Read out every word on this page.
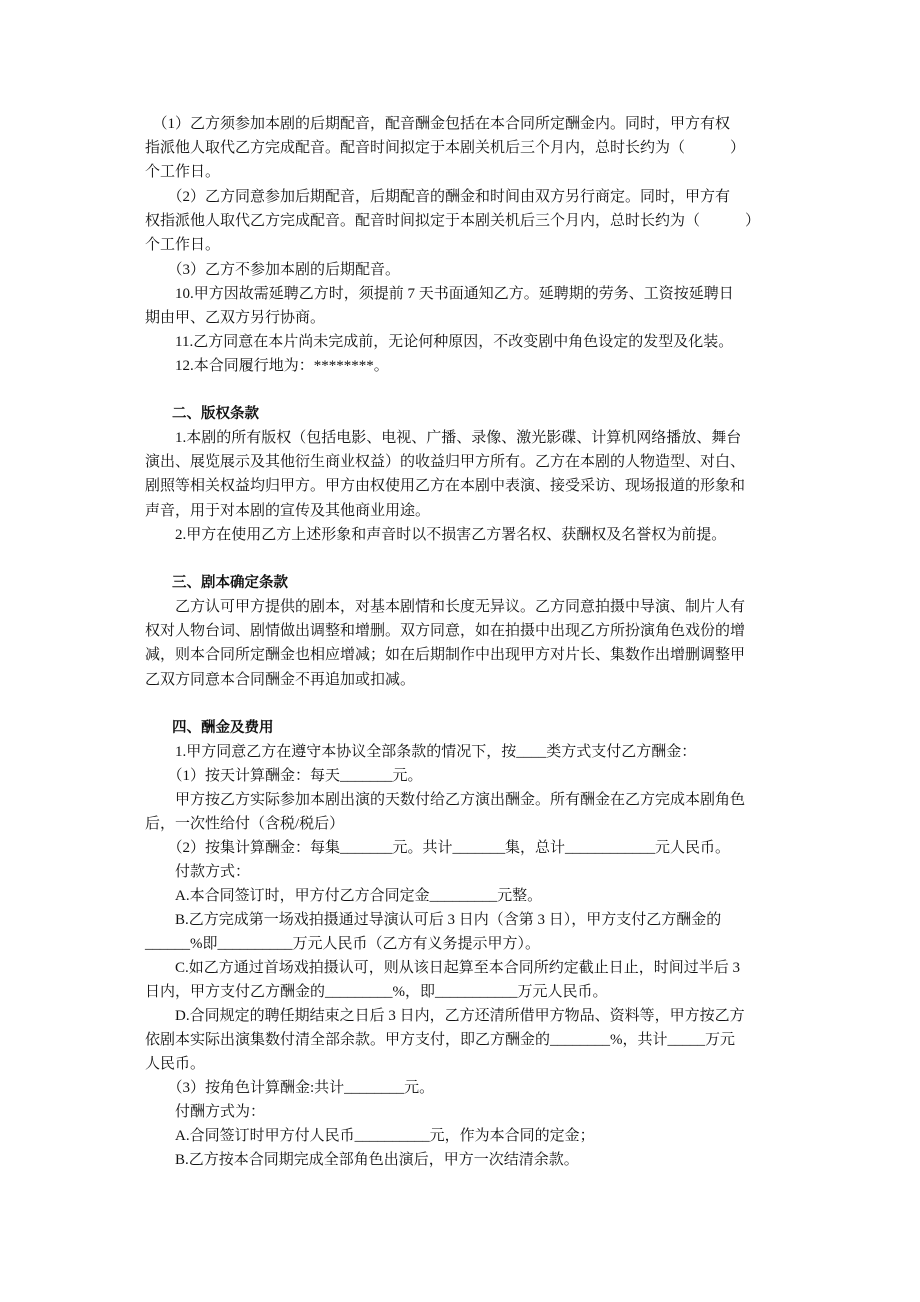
　（1）乙方须参加本剧的后期配音，配音酬金包括在本合同所定酬金内。同时，甲方有权
指派他人取代乙方完成配音。配音时间拟定于本剧关机后三个月内，总时长约为（　　　）
个工作日。

　　（2）乙方同意参加后期配音，后期配音的酬金和时间由双方另行商定。同时，甲方有
权指派他人取代乙方完成配音。配音时间拟定于本剧关机后三个月内，总时长约为（　　　）
个工作日。

　　（3）乙方不参加本剧的后期配音。

　　10.甲方因故需延聘乙方时，须提前 7 天书面通知乙方。延聘期的劳务、工资按延聘日
期由甲、乙双方另行协商。

　　11.乙方同意在本片尚未完成前，无论何种原因，不改变剧中角色设定的发型及化装。

　　12.本合同履行地为：********。

二、版权条款

　　1.本剧的所有版权（包括电影、电视、广播、录像、激光影碟、计算机网络播放、舞台
演出、展览展示及其他衍生商业权益）的收益归甲方所有。乙方在本剧的人物造型、对白、
剧照等相关权益均归甲方。甲方由权使用乙方在本剧中表演、接受采访、现场报道的形象和
声音，用于对本剧的宣传及其他商业用途。

　　2.甲方在使用乙方上述形象和声音时以不损害乙方署名权、获酬权及名誉权为前提。

三、剧本确定条款

　　乙方认可甲方提供的剧本，对基本剧情和长度无异议。乙方同意拍摄中导演、制片人有
权对人物台词、剧情做出调整和增删。双方同意，如在拍摄中出现乙方所扮演角色戏份的增
减，则本合同所定酬金也相应增减；如在后期制作中出现甲方对片长、集数作出增删调整甲
乙双方同意本合同酬金不再追加或扣减。

四、酬金及费用

　　1.甲方同意乙方在遵守本协议全部条款的情况下，按____类方式支付乙方酬金：

　　（1）按天计算酬金：每天_______元。

　　甲方按乙方实际参加本剧出演的天数付给乙方演出酬金。所有酬金在乙方完成本剧角色
后，一次性给付（含税/税后）

　　（2）按集计算酬金：每集_______元。共计_______集，总计____________元人民币。

　　付款方式：

　　A.本合同签订时，甲方付乙方合同定金_________元整。

　　B.乙方完成第一场戏拍摄通过导演认可后 3 日内（含第 3 日），甲方支付乙方酬金的
______%即__________万元人民币（乙方有义务提示甲方）。

　　C.如乙方通过首场戏拍摄认可，则从该日起算至本合同所约定截止日止，时间过半后 3
日内，甲方支付乙方酬金的_________%，即___________万元人民币。

　　D.合同规定的聘任期结束之日后 3 日内，乙方还清所借甲方物品、资料等，甲方按乙方
依剧本实际出演集数付清全部余款。甲方支付，即乙方酬金的________%，共计_____万元
人民币。

　　（3）按角色计算酬金:共计________元。

　　付酬方式为：

　　A.合同签订时甲方付人民币__________元，作为本合同的定金；

　　B.乙方按本合同期完成全部角色出演后，甲方一次结清余款。
